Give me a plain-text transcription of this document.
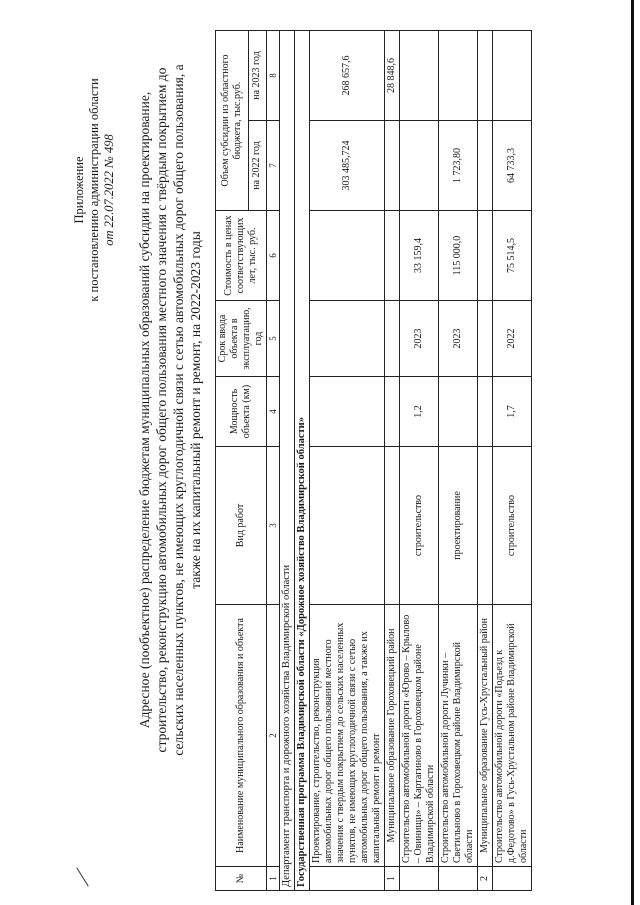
Приложение к постановлению администрации области от 22.07.2022 № 498 Адресное (пообъектное) распределение бюджетам муниципальных образований субсидии на проектирование, строительство, реконструкцию автомобильных дорог общего пользования местного значения с твёрдым покрытием до сельских населенных пунктов, не имеющих круглогодичной связи с сетью автомобильных дорог общего пользования, а также на их капитальный ремонт и ремонт, на 2022-2023 годы
№	Наименование муниципального образования и объекта	Вид работ	Мощность объекта (км)	Срок ввода объекта в эксплуатацию, год	Стоимость в ценах соответствующих лет, тыс. руб.	Объем субсидии из областного бюджета, тыс.руб.	
						на 2022 год	на 2023 год
1	2	3	4	5	6	7	8
Департамент транспорта и дорожного хозяйства Владимирской области							
Государственная программа Владимирской области «Дорожное хозяйство Владимирской области»							
	Проектирование, строительство, реконструкция автомобильных дорог общего пользования местного значения с твердым покрытием до сельских населенных пунктов, не имеющих круглогодичной связи с сетью автомобильных дорог общего пользования, а также их капитальный ремонт и ремонт					303 485,724	268 657,6
1	Муниципальное образование Гороховецкий район						28 848,6
	Строительство автомобильной дороги «Юрово – Крылово – Овинищи» – Картагиново в Гороховецком районе Владимирской области	строительство	1,2	2023	33 159,4		
	Строительство автомобильной дороги Лучинки – Светильново в Гороховецком районе Владимирской области	проектирование		2023	115 000,0	1 723,80	
2	Муниципальное образование Гусь-Хрустальный район						
	Строительство автомобильной дороги «Подъезд к д.Федотово» в Гусь-Хрустальном районе Владимирской области	строительство	1,7	2022	75 514,5	64 733,3	
